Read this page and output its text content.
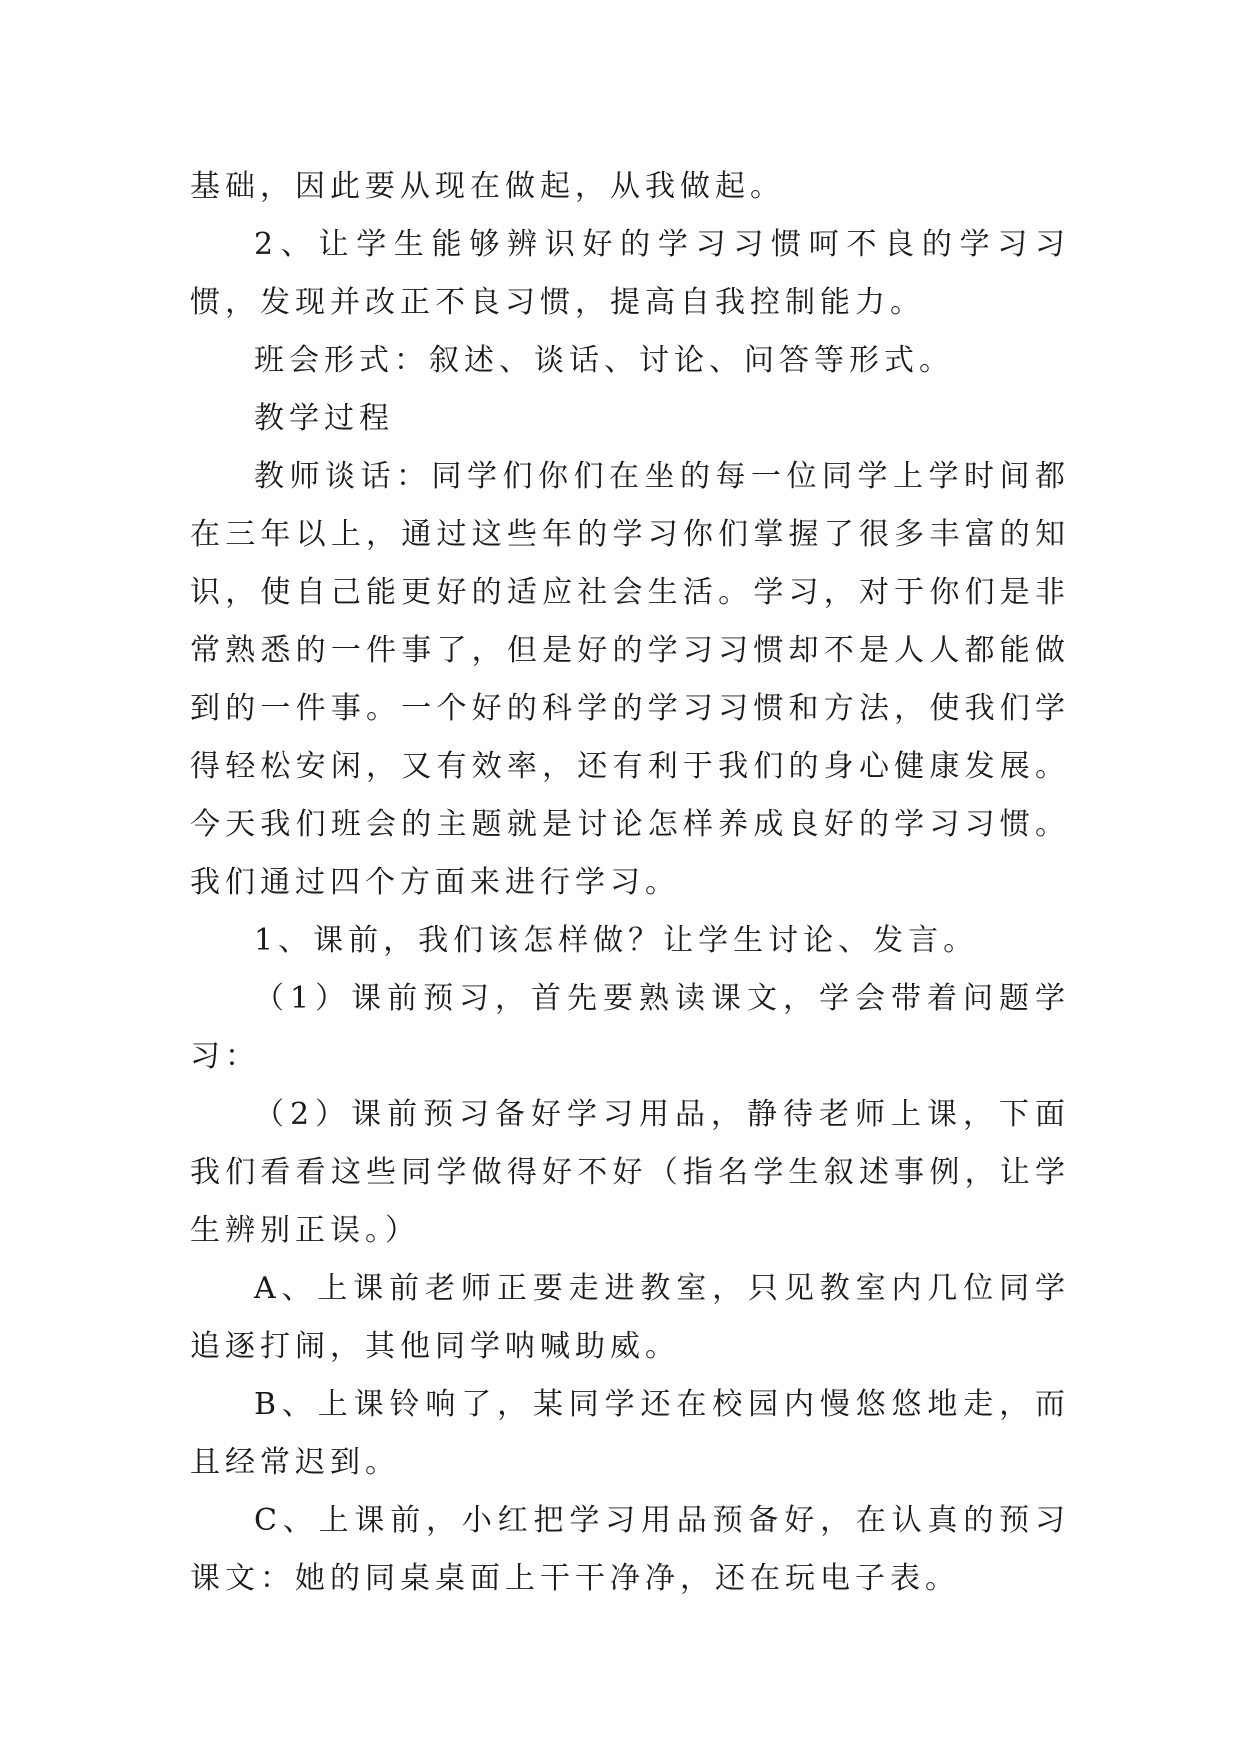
基础，因此要从现在做起，从我做起。

2、让学生能够辨识好的学习习惯呵不良的学习习惯，发现并改正不良习惯，提高自我控制能力。

班会形式：叙述、谈话、讨论、问答等形式。

教学过程

教师谈话：同学们你们在坐的每一位同学上学时间都在三年以上，通过这些年的学习你们掌握了很多丰富的知识，使自己能更好的适应社会生活。学习，对于你们是非常熟悉的一件事了，但是好的学习习惯却不是人人都能做到的一件事。一个好的科学的学习习惯和方法，使我们学得轻松安闲，又有效率，还有利于我们的身心健康发展。今天我们班会的主题就是讨论怎样养成良好的学习习惯。我们通过四个方面来进行学习。

1、课前，我们该怎样做？让学生讨论、发言。

（1）课前预习，首先要熟读课文，学会带着问题学习：

（2）课前预习备好学习用品，静待老师上课，下面我们看看这些同学做得好不好（指名学生叙述事例，让学生辨别正误。）

A、上课前老师正要走进教室，只见教室内几位同学追逐打闹，其他同学呐喊助威。

B、上课铃响了，某同学还在校园内慢悠悠地走，而且经常迟到。

C、上课前，小红把学习用品预备好，在认真的预习课文：她的同桌桌面上干干净净，还在玩电子表。
